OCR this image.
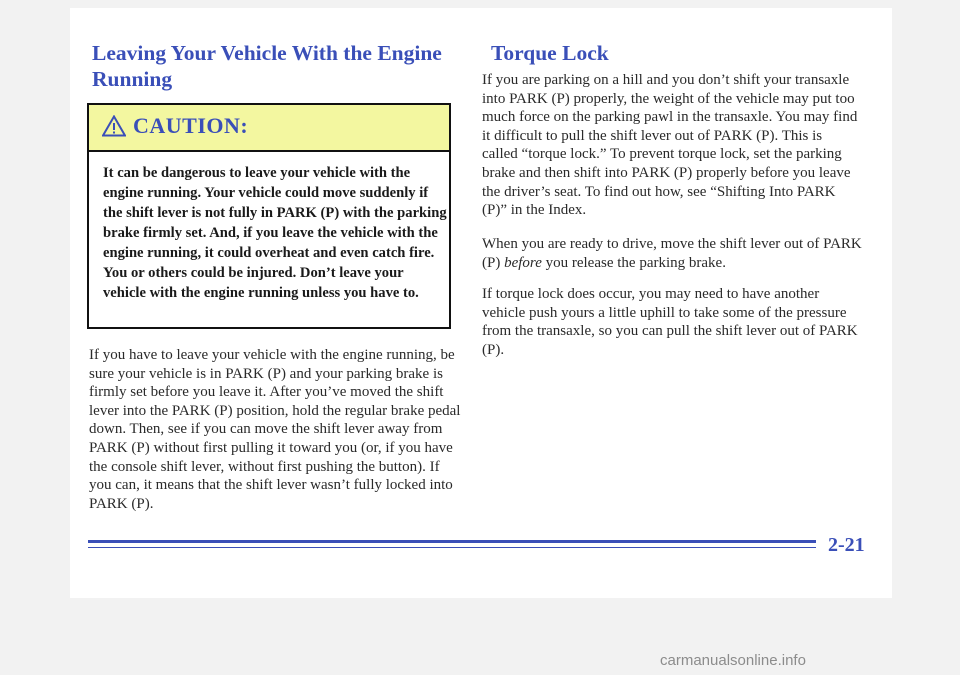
Leaving Your Vehicle With the Engine Running
CAUTION:

It can be dangerous to leave your vehicle with the engine running. Your vehicle could move suddenly if the shift lever is not fully in PARK (P) with the parking brake firmly set. And, if you leave the vehicle with the engine running, it could overheat and even catch fire. You or others could be injured. Don’t leave your vehicle with the engine running unless you have to.

If you have to leave your vehicle with the engine running, be sure your vehicle is in PARK (P) and your parking brake is firmly set before you leave it. After you’ve moved the shift lever into the PARK (P) position, hold the regular brake pedal down. Then, see if you can move the shift lever away from PARK (P) without first pulling it toward you (or, if you have the console shift lever, without first pushing the button). If you can, it means that the shift lever wasn’t fully locked into PARK (P).

Torque Lock

If you are parking on a hill and you don’t shift your transaxle into PARK (P) properly, the weight of the vehicle may put too much force on the parking pawl in the transaxle. You may find it difficult to pull the shift lever out of PARK (P). This is called “torque lock.” To prevent torque lock, set the parking brake and then shift into PARK (P) properly before you leave the driver’s seat. To find out how, see “Shifting Into PARK (P)” in the Index.

When you are ready to drive, move the shift lever out of PARK (P) before you release the parking brake.

If torque lock does occur, you may need to have another vehicle push yours a little uphill to take some of the pressure from the transaxle, so you can pull the shift lever out of PARK (P).

2-21

carmanualsonline.info
